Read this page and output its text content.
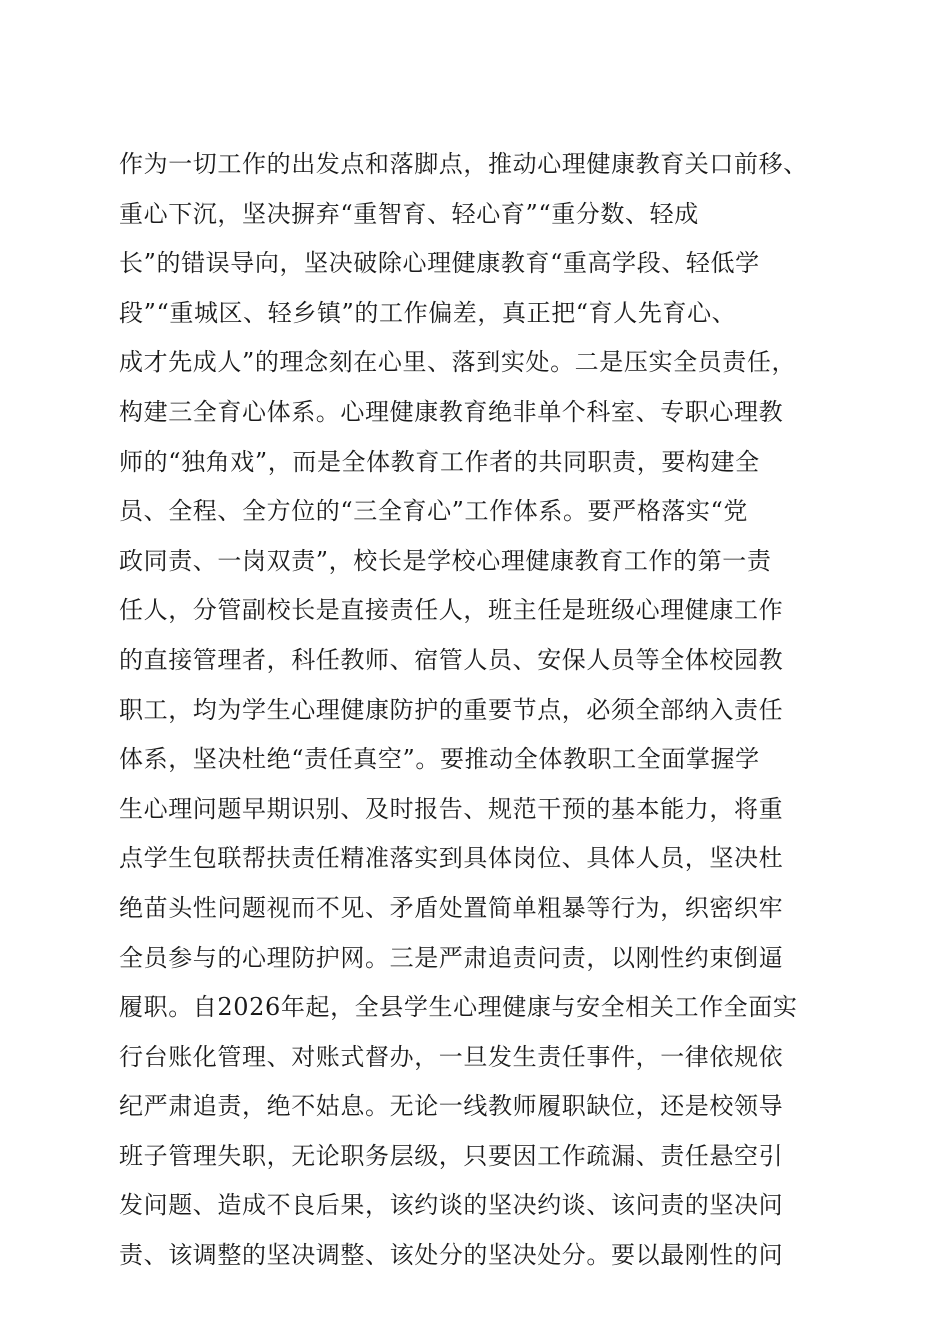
作为一切工作的出发点和落脚点，推动心理健康教育关口前移、
重心下沉，坚决摒弃“重智育、轻心育”“重分数、轻成
长”的错误导向，坚决破除心理健康教育“重高学段、轻低学
段”“重城区、轻乡镇”的工作偏差，真正把“育人先育心、
成才先成人”的理念刻在心里、落到实处。二是压实全员责任，
构建三全育心体系。心理健康教育绝非单个科室、专职心理教
师的“独角戏”，而是全体教育工作者的共同职责，要构建全
员、全程、全方位的“三全育心”工作体系。要严格落实“党
政同责、一岗双责”，校长是学校心理健康教育工作的第一责
任人，分管副校长是直接责任人，班主任是班级心理健康工作
的直接管理者，科任教师、宿管人员、安保人员等全体校园教
职工，均为学生心理健康防护的重要节点，必须全部纳入责任
体系，坚决杜绝“责任真空”。要推动全体教职工全面掌握学
生心理问题早期识别、及时报告、规范干预的基本能力，将重
点学生包联帮扶责任精准落实到具体岗位、具体人员，坚决杜
绝苗头性问题视而不见、矛盾处置简单粗暴等行为，织密织牢
全员参与的心理防护网。三是严肃追责问责，以刚性约束倒逼
履职。自2026年起，全县学生心理健康与安全相关工作全面实
行台账化管理、对账式督办，一旦发生责任事件，一律依规依
纪严肃追责，绝不姑息。无论一线教师履职缺位，还是校领导
班子管理失职，无论职务层级，只要因工作疏漏、责任悬空引
发问题、造成不良后果，该约谈的坚决约谈、该问责的坚决问
责、该调整的坚决调整、该处分的坚决处分。要以最刚性的问
